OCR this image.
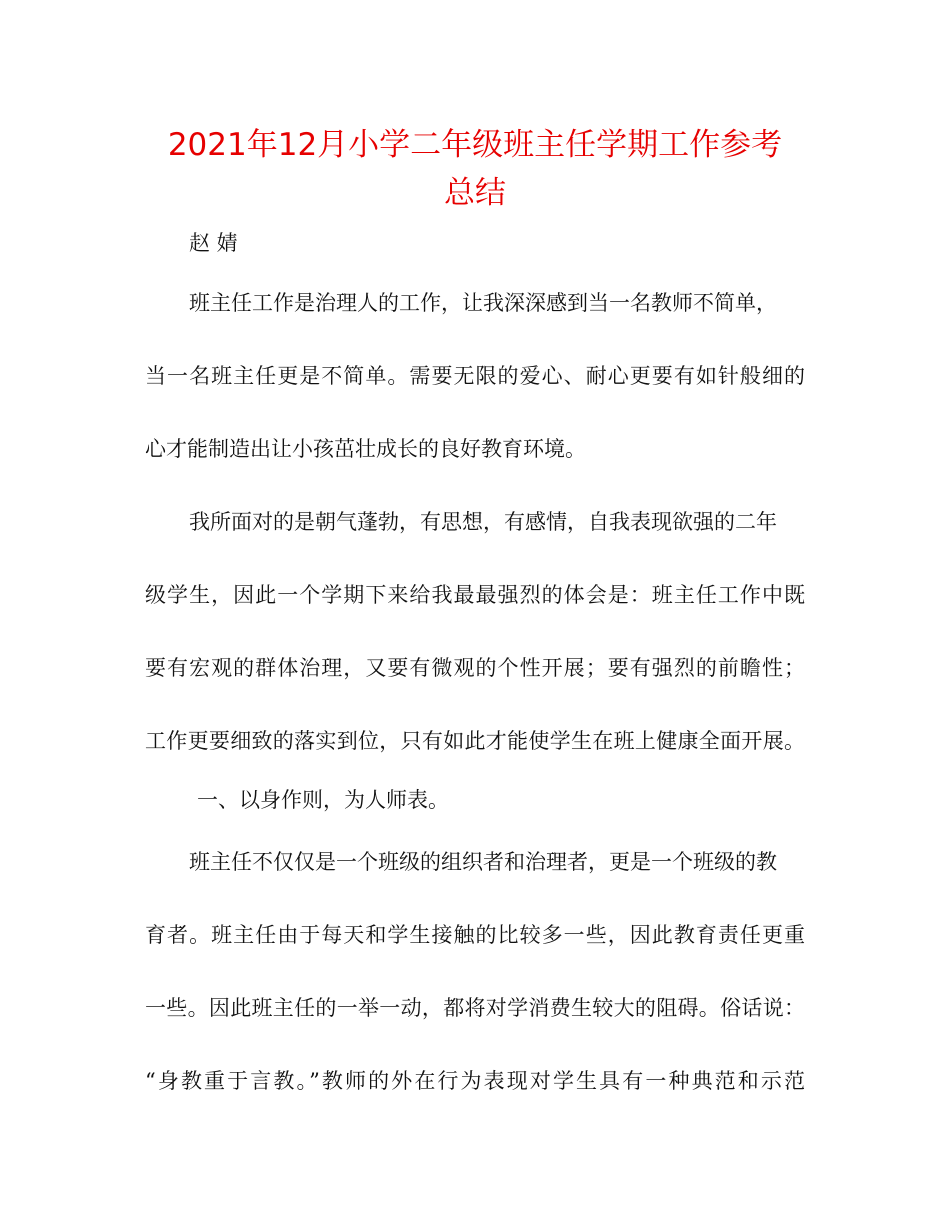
2021年12月小学二年级班主任学期工作参考
总结

赵 婧

班主任工作是治理人的工作，让我深深感到当一名教师不简单，

当一名班主任更是不简单。需要无限的爱心、耐心更要有如针般细的

心才能制造出让小孩茁壮成长的良好教育环境。

我所面对的是朝气蓬勃，有思想，有感情，自我表现欲强的二年

级学生，因此一个学期下来给我最最强烈的体会是：班主任工作中既

要有宏观的群体治理，又要有微观的个性开展；要有强烈的前瞻性；

工作更要细致的落实到位，只有如此才能使学生在班上健康全面开展。

一、以身作则，为人师表。

班主任不仅仅是一个班级的组织者和治理者，更是一个班级的教

育者。班主任由于每天和学生接触的比较多一些，因此教育责任更重

一些。因此班主任的一举一动，都将对学消费生较大的阻碍。俗话说：

“身教重于言教。”教师的外在行为表现对学生具有一种典范和示范
